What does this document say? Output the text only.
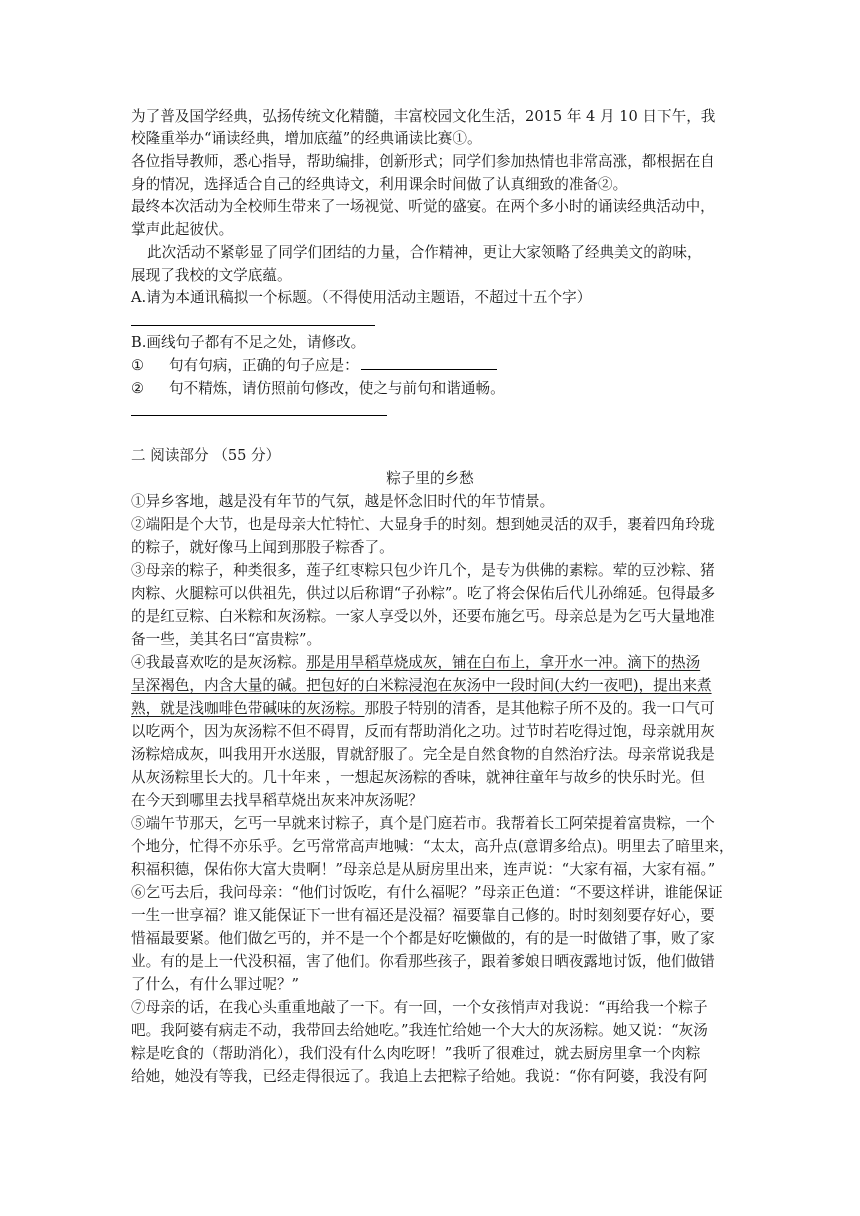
为了普及国学经典，弘扬传统文化精髓，丰富校园文化生活，2015 年 4 月 10 日下午，我
校隆重举办“诵读经典，增加底蕴”的经典诵读比赛①。
各位指导教师，悉心指导，帮助编排，创新形式；同学们参加热情也非常高涨，都根据在自
身的情况，选择适合自己的经典诗文，利用课余时间做了认真细致的准备②。
最终本次活动为全校师生带来了一场视觉、听觉的盛宴。在两个多小时的诵读经典活动中，
掌声此起彼伏。
此次活动不紧彰显了同学们团结的力量，合作精神，更让大家领略了经典美文的韵味，
展现了我校的文学底蕴。
A.请为本通讯稿拟一个标题。（不得使用活动主题语，不超过十五个字）
B.画线句子都有不足之处，请修改。
① 句有句病，正确的句子应是：
② 句不精炼，请仿照前句修改，使之与前句和谐通畅。
二 阅读部分 （55 分）
粽子里的乡愁
①异乡客地，越是没有年节的气氛，越是怀念旧时代的年节情景。
②端阳是个大节，也是母亲大忙特忙、大显身手的时刻。想到她灵活的双手，裹着四角玲珑
的粽子，就好像马上闻到那股子粽香了。
③母亲的粽子，种类很多，莲子红枣粽只包少许几个，是专为供佛的素粽。荤的豆沙粽、猪
肉粽、火腿粽可以供祖先，供过以后称谓“子孙粽”。吃了将会保佑后代儿孙绵延。包得最多
的是红豆粽、白米粽和灰汤粽。一家人享受以外，还要布施乞丐。母亲总是为乞丐大量地准
备一些，美其名曰“富贵粽”。
④我最喜欢吃的是灰汤粽。那是用旱稻草烧成灰，铺在白布上，拿开水一冲。滴下的热汤
呈深褐色，内含大量的碱。把包好的白米粽浸泡在灰汤中一段时间(大约一夜吧)，提出来煮
熟，就是浅咖啡色带碱味的灰汤粽。那股子特别的清香，是其他粽子所不及的。我一口气可
以吃两个，因为灰汤粽不但不碍胃，反而有帮助消化之功。过节时若吃得过饱，母亲就用灰
汤粽焙成灰，叫我用开水送服，胃就舒服了。完全是自然食物的自然治疗法。母亲常说我是
从灰汤粽里长大的。几十年来 ，一想起灰汤粽的香味，就神往童年与故乡的快乐时光。但
在今天到哪里去找旱稻草烧出灰来冲灰汤呢？
⑤端午节那天，乞丐一早就来讨粽子，真个是门庭若市。我帮着长工阿荣提着富贵粽，一个
个地分，忙得不亦乐乎。乞丐常常高声地喊：“太太，高升点(意谓多给点)。明里去了暗里来，
积福积德，保佑你大富大贵啊！”母亲总是从厨房里出来，连声说：“大家有福，大家有福。”
⑥乞丐去后，我问母亲：“他们讨饭吃，有什么福呢？”母亲正色道：“不要这样讲，谁能保证
一生一世享福？谁又能保证下一世有福还是没福？福要靠自己修的。时时刻刻要存好心，要
惜福最要紧。他们做乞丐的，并不是一个个都是好吃懒做的，有的是一时做错了事，败了家
业。有的是上一代没积福，害了他们。你看那些孩子，跟着爹娘日晒夜露地讨饭，他们做错
了什么，有什么罪过呢？”
⑦母亲的话，在我心头重重地敲了一下。有一回，一个女孩悄声对我说：“再给我一个粽子
吧。我阿婆有病走不动，我带回去给她吃。”我连忙给她一个大大的灰汤粽。她又说：“灰汤
粽是吃食的（帮助消化），我们没有什么肉吃呀！”我听了很难过，就去厨房里拿一个肉粽
给她，她没有等我，已经走得很远了。我追上去把粽子给她。我说：“你有阿婆，我没有阿
